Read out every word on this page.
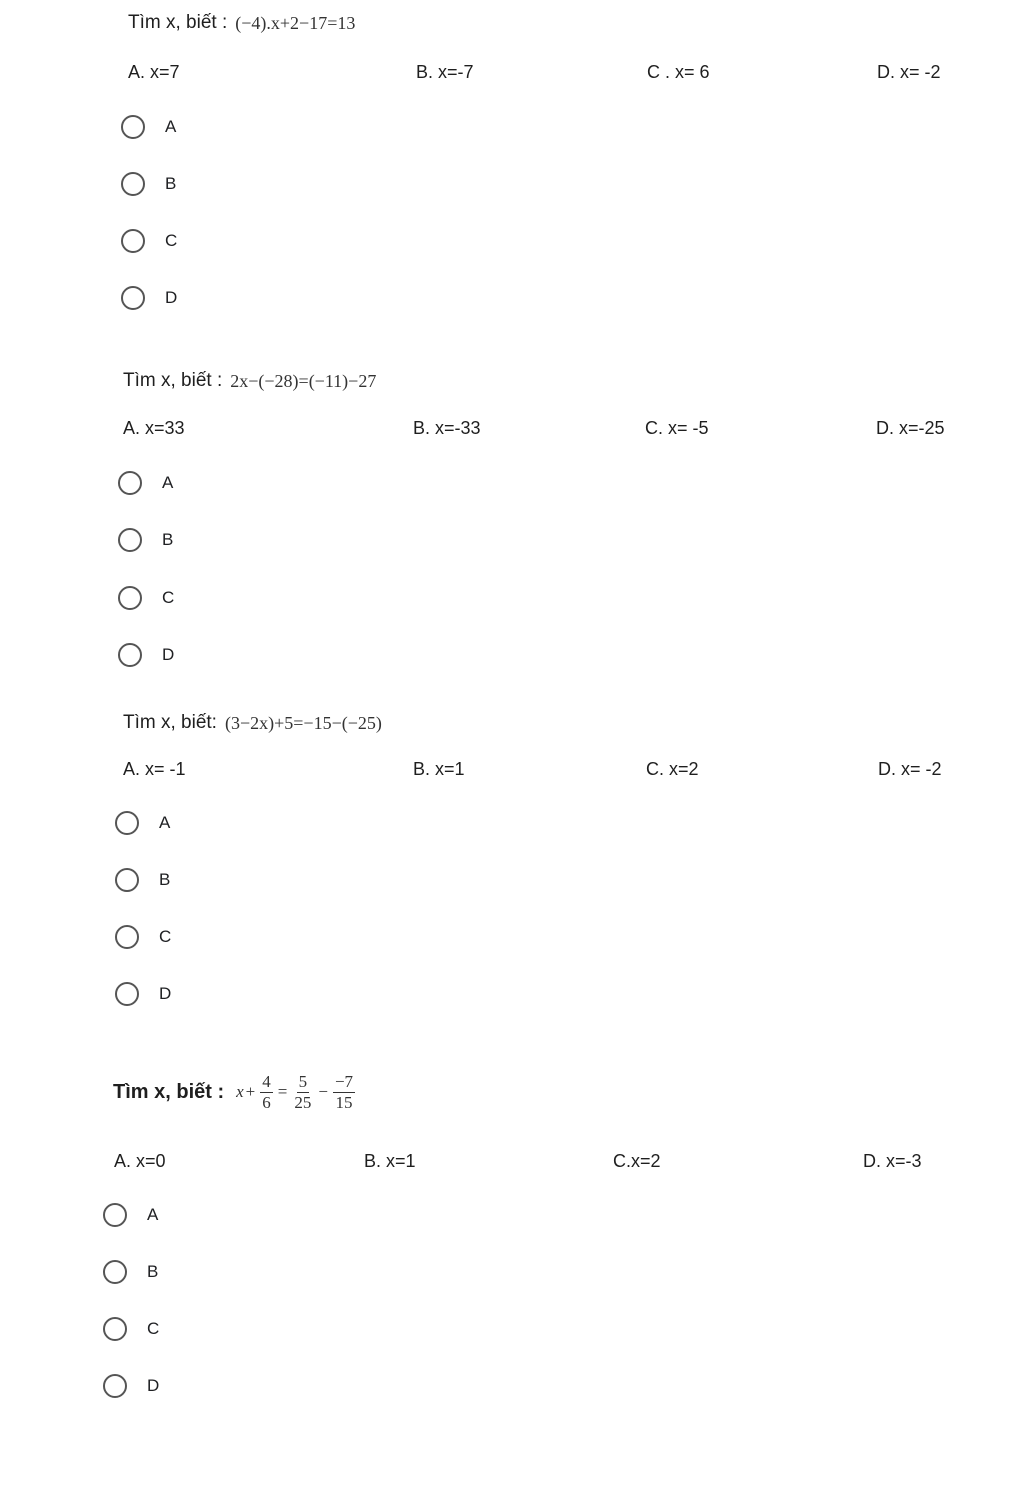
Tìm x, biết : (−4).x+2−17=13
A. x=7	B. x=-7	C . x= 6	D. x= -2
A
B
C
D
Tìm x, biết : 2x−(−28)=(−11)−27
A. x=33	B. x=-33	C. x= -5	D. x=-25
A
B
C
D
Tìm x, biết: (3−2x)+5=−15−(−25)
A. x= -1	B. x=1	C. x=2	D. x= -2
A
B
C
D
Tìm x, biết : $x + \frac{4}{6} = \frac{5}{25} - \frac{-7}{15}$
A. x=0	B. x=1	C.x=2	D. x=-3
A
B
C
D
